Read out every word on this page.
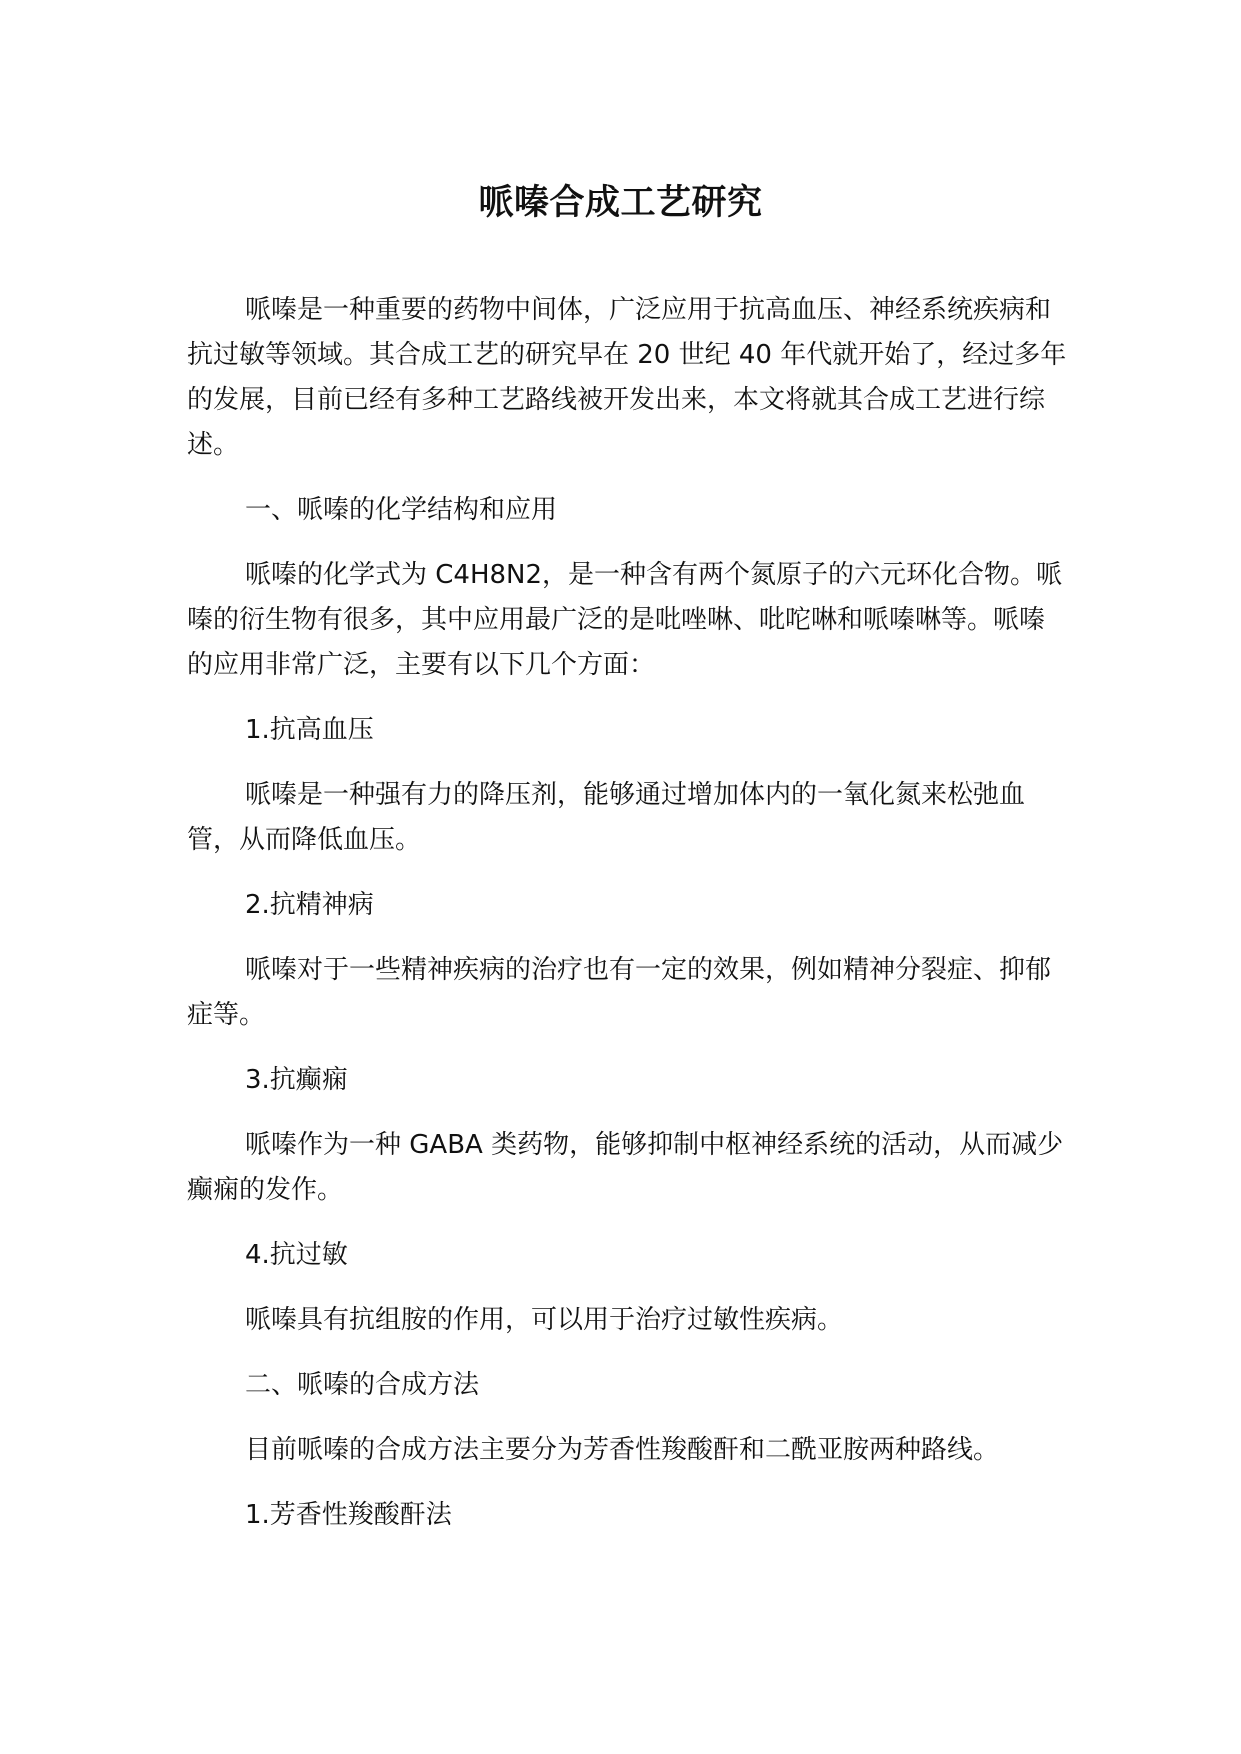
哌嗪合成工艺研究

哌嗪是一种重要的药物中间体，广泛应用于抗高血压、神经系统疾病和抗过敏等领域。其合成工艺的研究早在 20 世纪 40 年代就开始了，经过多年的发展，目前已经有多种工艺路线被开发出来，本文将就其合成工艺进行综述。

一、哌嗪的化学结构和应用

哌嗪的化学式为 C4H8N2，是一种含有两个氮原子的六元环化合物。哌嗪的衍生物有很多，其中应用最广泛的是吡唑啉、吡咜啉和哌嗪啉等。哌嗪的应用非常广泛，主要有以下几个方面：

1.抗高血压

哌嗪是一种强有力的降压剂，能够通过增加体内的一氧化氮来松弛血管，从而降低血压。

2.抗精神病

哌嗪对于一些精神疾病的治疗也有一定的效果，例如精神分裂症、抑郁症等。

3.抗癫痫

哌嗪作为一种 GABA 类药物，能够抑制中枢神经系统的活动，从而减少癫痫的发作。

4.抗过敏

哌嗪具有抗组胺的作用，可以用于治疗过敏性疾病。

二、哌嗪的合成方法

目前哌嗪的合成方法主要分为芳香性羧酸酐和二酰亚胺两种路线。

1.芳香性羧酸酐法
